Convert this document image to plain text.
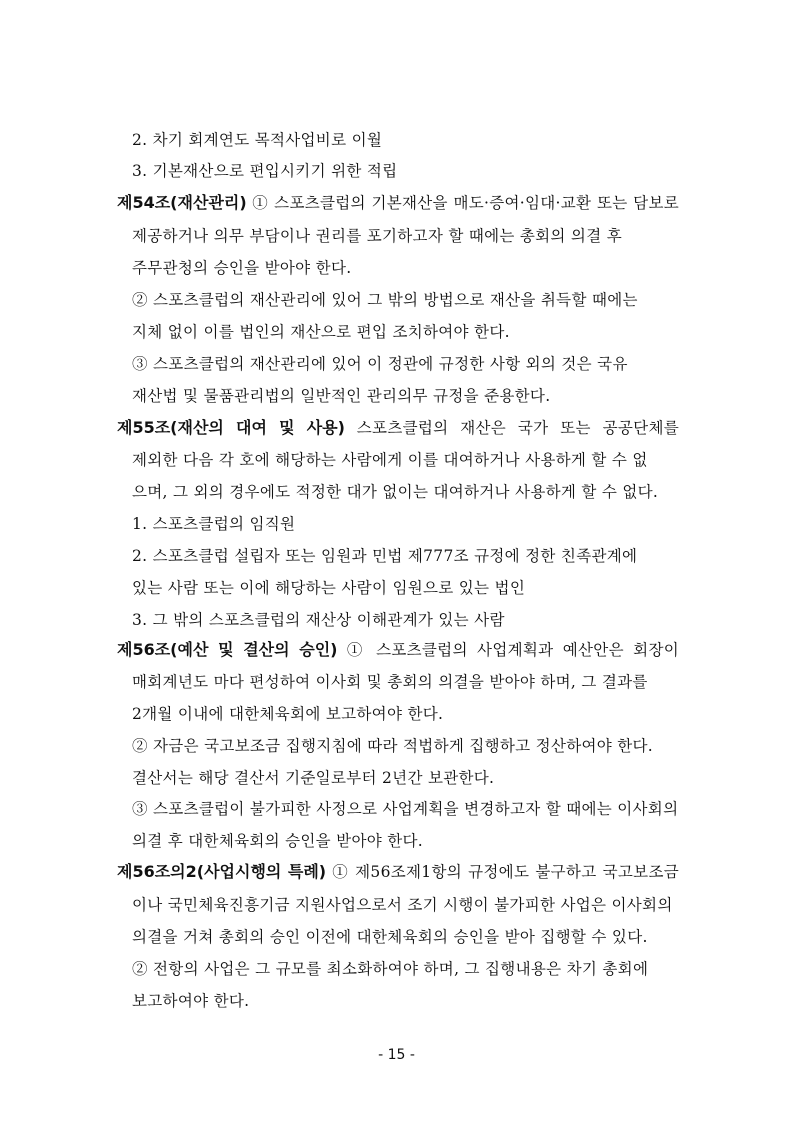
2. 차기 회계연도 목적사업비로 이월
3. 기본재산으로 편입시키기 위한 적립
제54조(재산관리) ① 스포츠클럽의 기본재산을 매도·증여·임대·교환 또는 담보로
제공하거나 의무 부담이나 권리를 포기하고자 할 때에는 총회의 의결 후
주무관청의 승인을 받아야 한다.
② 스포츠클럽의 재산관리에 있어 그 밖의 방법으로 재산을 취득할 때에는
지체 없이 이를 법인의 재산으로 편입 조치하여야 한다.
③ 스포츠클럽의 재산관리에 있어 이 정관에 규정한 사항 외의 것은 국유
재산법 및 물품관리법의 일반적인 관리의무 규정을 준용한다.
제55조(재산의 대여 및 사용) 스포츠클럽의 재산은 국가 또는 공공단체를
제외한 다음 각 호에 해당하는 사람에게 이를 대여하거나 사용하게 할 수 없
으며, 그 외의 경우에도 적정한 대가 없이는 대여하거나 사용하게 할 수 없다.
1. 스포츠클럽의 임직원
2. 스포츠클럽 설립자 또는 임원과 민법 제777조 규정에 정한 친족관계에
있는 사람 또는 이에 해당하는 사람이 임원으로 있는 법인
3. 그 밖의 스포츠클럽의 재산상 이해관계가 있는 사람
제56조(예산 및 결산의 승인) ① 스포츠클럽의 사업계획과 예산안은 회장이
매회계년도 마다 편성하여 이사회 및 총회의 의결을 받아야 하며, 그 결과를
2개월 이내에 대한체육회에 보고하여야 한다.
② 자금은 국고보조금 집행지침에 따라 적법하게 집행하고 정산하여야 한다.
결산서는 해당 결산서 기준일로부터 2년간 보관한다.
③ 스포츠클럽이 불가피한 사정으로 사업계획을 변경하고자 할 때에는 이사회의
의결 후 대한체육회의 승인을 받아야 한다.
제56조의2(사업시행의 특례) ① 제56조제1항의 규정에도 불구하고 국고보조금
이나 국민체육진흥기금 지원사업으로서 조기 시행이 불가피한 사업은 이사회의
의결을 거쳐 총회의 승인 이전에 대한체육회의 승인을 받아 집행할 수 있다.
② 전항의 사업은 그 규모를 최소화하여야 하며, 그 집행내용은 차기 총회에
보고하여야 한다.
- 15 -
